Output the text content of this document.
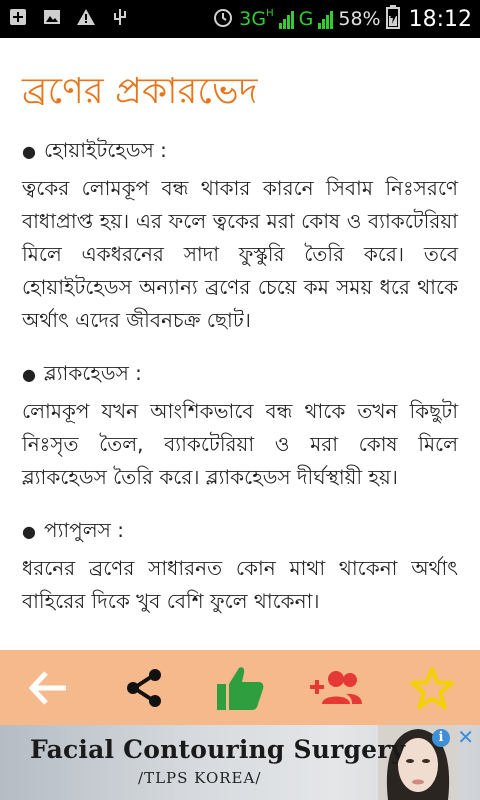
$3G^H$ G 58% 18:12
ব্রণের প্রকারভেদ
● হোয়াইটহেডস :
ত্বকের লোমকূপ বন্ধ থাকার কারনে সিবাম নিঃসরণে বাধাপ্রাপ্ত হয়। এর ফলে ত্বকের মরা কোষ ও ব্যাকটেরিয়া মিলে একধরনের সাদা ফুস্কুরি তৈরি করে। তবে হোয়াইটহেডস অন্যান্য ব্রণের চেয়ে কম সময় ধরে থাকে অর্থাৎ এদের জীবনচক্র ছোট।
● ব্ল্যাকহেডস :
লোমকূপ যখন আংশিকভাবে বন্ধ থাকে তখন কিছুটা নিঃসৃত তৈল, ব্যাকটেরিয়া ও মরা কোষ মিলে ব্ল্যাকহেডস তৈরি করে। ব্ল্যাকহেডস দীর্ঘস্থায়ী হয়।
● প্যাপুলস :
ধরনের ব্রণের সাধারনত কোন মাথা থাকেনা অর্থাৎ বাহিরের দিকে খুব বেশি ফুলে থাকেনা।
Facial Contouring Surgery
/TLPS KOREA/
i ✕
